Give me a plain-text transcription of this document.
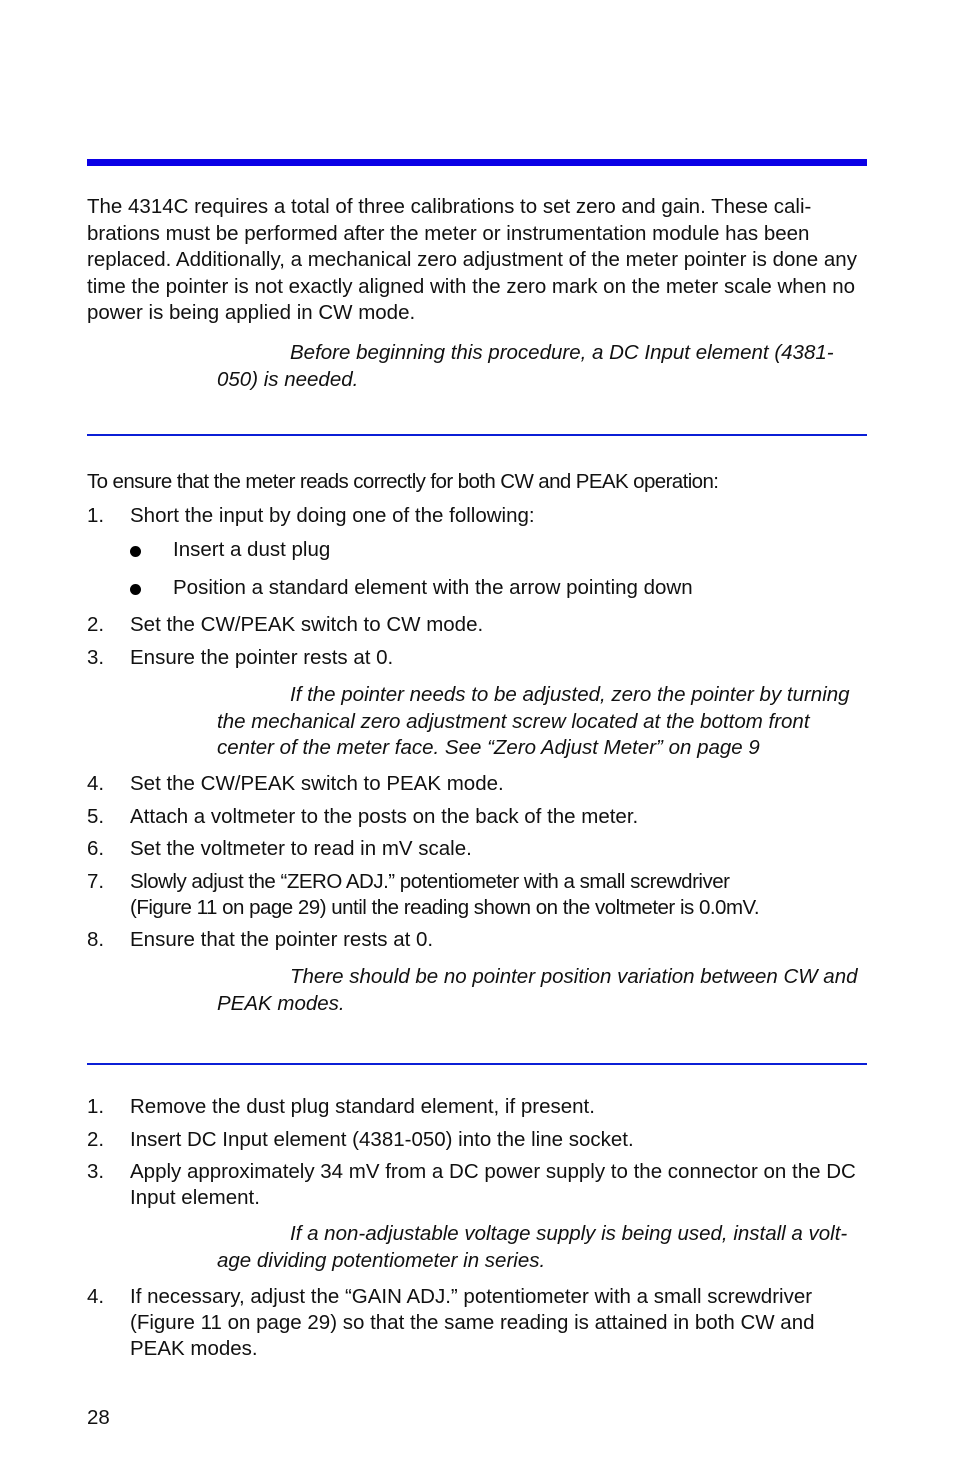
The 4314C requires a total of three calibrations to set zero and gain. These cali-brations must be performed after the meter or instrumentation module has been replaced. Additionally, a mechanical zero adjustment of the meter pointer is done any time the pointer is not exactly aligned with the zero mark on the meter scale when no power is being applied in CW mode.

Before beginning this procedure, a DC Input element (4381-050) is needed.

To ensure that the meter reads correctly for both CW and PEAK operation:

1.	Short the input by doing one of the following:
Insert a dust plug
Position a standard element with the arrow pointing down
2.	Set the CW/PEAK switch to CW mode.
3.	Ensure the pointer rests at 0.

If the pointer needs to be adjusted, zero the pointer by turning the mechanical zero adjustment screw located at the bottom front center of the meter face. See “Zero Adjust Meter” on page 9

4.	Set the CW/PEAK switch to PEAK mode.
5.	Attach a voltmeter to the posts on the back of the meter.
6.	Set the voltmeter to read in mV scale.
7.	Slowly adjust the “ZERO ADJ.” potentiometer with a small screwdriver
(Figure 11 on page 29) until the reading shown on the voltmeter is 0.0mV.
8.	Ensure that the pointer rests at 0.

There should be no pointer position variation between CW and PEAK modes.

1.	Remove the dust plug standard element, if present.
2.	Insert DC Input element (4381-050) into the line socket.
3.	Apply approximately 34 mV from a DC power supply to the connector on the DC Input element.

If a non-adjustable voltage supply is being used, install a volt-age dividing potentiometer in series.

4.	If necessary, adjust the “GAIN ADJ.” potentiometer with a small screwdriver (Figure 11 on page 29) so that the same reading is attained in both CW and PEAK modes.
28
